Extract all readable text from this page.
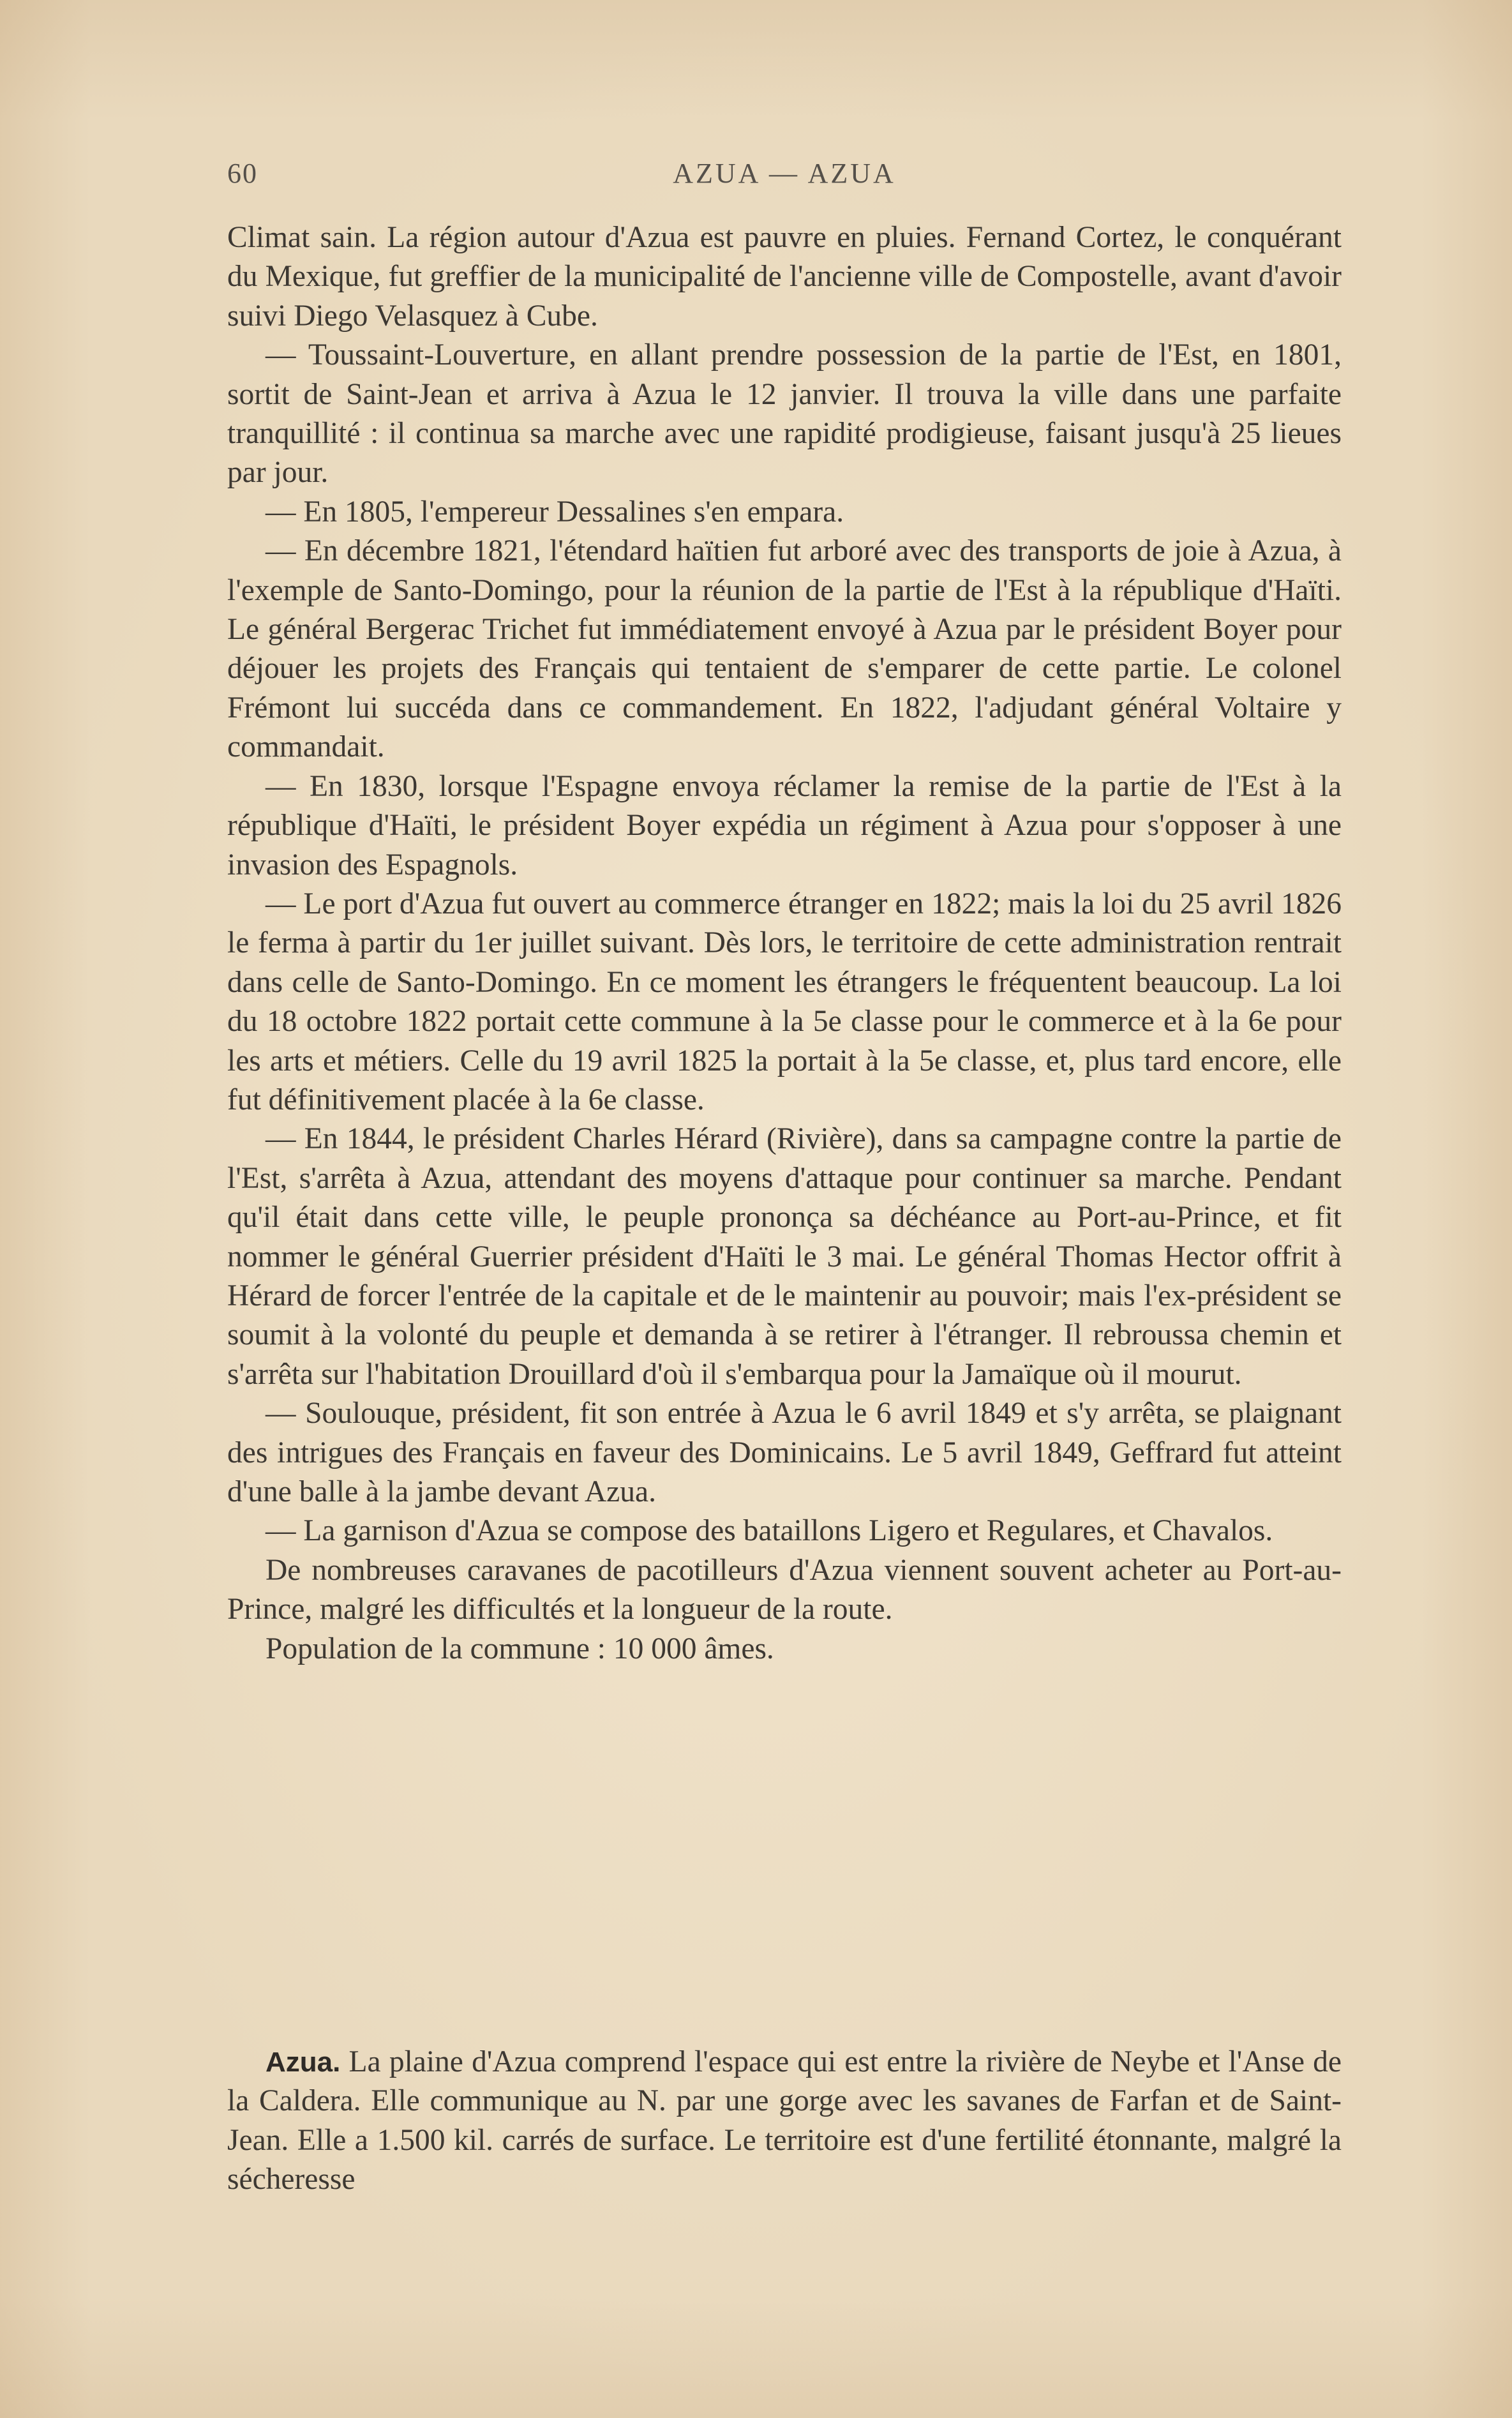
60	AZUA — AZUA

Climat sain. La région autour d'Azua est pauvre en pluies. Fernand Cortez, le conquérant du Mexique, fut greffier de la municipalité de l'ancienne ville de Compostelle, avant d'avoir suivi Diego Velasquez à Cube.

— Toussaint-Louverture, en allant prendre possession de la partie de l'Est, en 1801, sortit de Saint-Jean et arriva à Azua le 12 janvier. Il trouva la ville dans une parfaite tranquillité : il continua sa marche avec une rapidité prodigieuse, faisant jusqu'à 25 lieues par jour.

— En 1805, l'empereur Dessalines s'en empara.

— En décembre 1821, l'étendard haïtien fut arboré avec des transports de joie à Azua, à l'exemple de Santo-Domingo, pour la réunion de la partie de l'Est à la république d'Haïti. Le général Bergerac Trichet fut immédiatement envoyé à Azua par le président Boyer pour déjouer les projets des Français qui tentaient de s'emparer de cette partie. Le colonel Frémont lui succéda dans ce commandement. En 1822, l'adjudant général Voltaire y commandait.

— En 1830, lorsque l'Espagne envoya réclamer la remise de la partie de l'Est à la république d'Haïti, le président Boyer expédia un régiment à Azua pour s'opposer à une invasion des Espagnols.

— Le port d'Azua fut ouvert au commerce étranger en 1822; mais la loi du 25 avril 1826 le ferma à partir du 1er juillet suivant. Dès lors, le territoire de cette administration rentrait dans celle de Santo-Domingo. En ce moment les étrangers le fréquentent beaucoup. La loi du 18 octobre 1822 portait cette commune à la 5e classe pour le commerce et à la 6e pour les arts et métiers. Celle du 19 avril 1825 la portait à la 5e classe, et, plus tard encore, elle fut définitivement placée à la 6e classe.

— En 1844, le président Charles Hérard (Rivière), dans sa campagne contre la partie de l'Est, s'arrêta à Azua, attendant des moyens d'attaque pour continuer sa marche. Pendant qu'il était dans cette ville, le peuple prononça sa déchéance au Port-au-Prince, et fit nommer le général Guerrier président d'Haïti le 3 mai. Le général Thomas Hector offrit à Hérard de forcer l'entrée de la capitale et de le maintenir au pouvoir; mais l'ex-président se soumit à la volonté du peuple et demanda à se retirer à l'étranger. Il rebroussa chemin et s'arrêta sur l'habitation Drouillard d'où il s'embarqua pour la Jamaïque où il mourut.

— Soulouque, président, fit son entrée à Azua le 6 avril 1849 et s'y arrêta, se plaignant des intrigues des Français en faveur des Dominicains. Le 5 avril 1849, Geffrard fut atteint d'une balle à la jambe devant Azua.

— La garnison d'Azua se compose des bataillons Ligero et Regulares, et Chavalos.

De nombreuses caravanes de pacotilleurs d'Azua viennent souvent acheter au Port-au-Prince, malgré les difficultés et la longueur de la route.

Population de la commune : 10 000 âmes.

Azua. La plaine d'Azua comprend l'espace qui est entre la rivière de Neybe et l'Anse de la Caldera. Elle communique au N. par une gorge avec les savanes de Farfan et de Saint-Jean. Elle a 1.500 kil. carrés de surface. Le territoire est d'une fertilité étonnante, malgré la sécheresse
